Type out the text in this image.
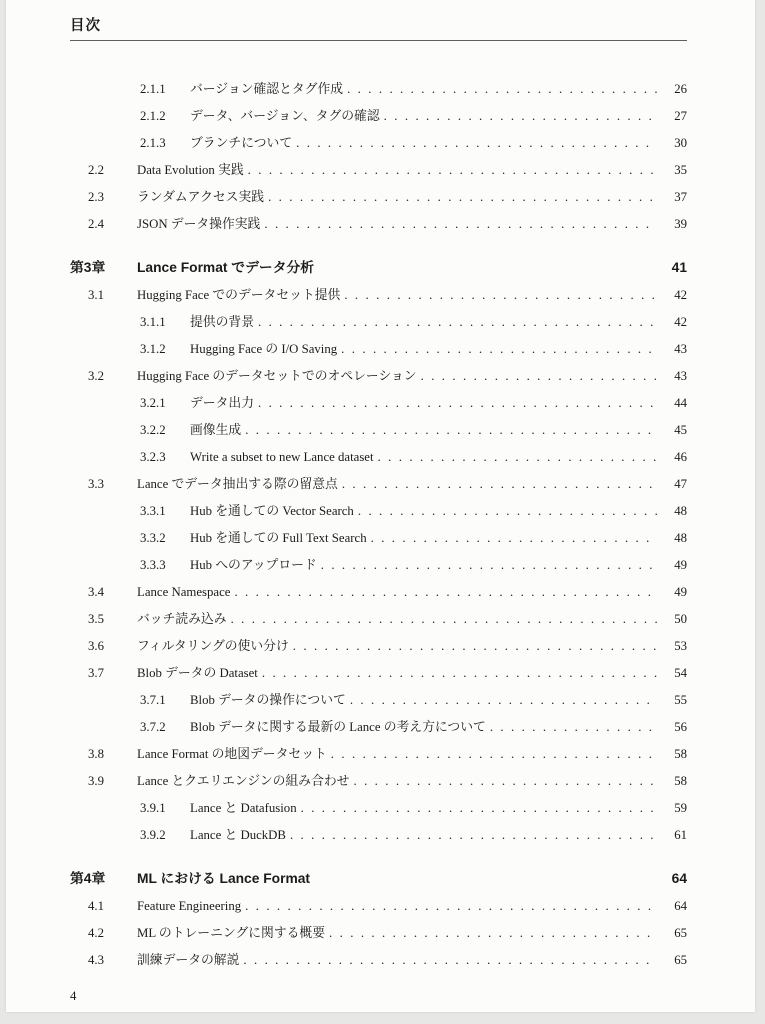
目次
2.1.1	バージョン確認とタグ作成 . . .	26
2.1.2	データ、バージョン、タグの確認 . . .	27
2.1.3	ブランチについて . . .	30
2.2	Data Evolution 実践 . . .	35
2.3	ランダムアクセス実践 . . .	37
2.4	JSON データ操作実践 . . .	39
第3章	Lance Format でデータ分析	41
3.1	Hugging Face でのデータセット提供 . . .	42
3.1.1	提供の背景 . . .	42
3.1.2	Hugging Face の I/O Saving . . .	43
3.2	Hugging Face のデータセットでのオペレーション . . .	43
3.2.1	データ出力 . . .	44
3.2.2	画像生成 . . .	45
3.2.3	Write a subset to new Lance dataset . . .	46
3.3	Lance でデータ抽出する際の留意点 . . .	47
3.3.1	Hub を通しての Vector Search . . .	48
3.3.2	Hub を通しての Full Text Search . . .	48
3.3.3	Hub へのアップロード . . .	49
3.4	Lance Namespace . . .	49
3.5	バッチ読み込み . . .	50
3.6	フィルタリングの使い分け . . .	53
3.7	Blob データの Dataset . . .	54
3.7.1	Blob データの操作について . . .	55
3.7.2	Blob データに関する最新の Lance の考え方について . . .	56
3.8	Lance Format の地図データセット . . .	58
3.9	Lance とクエリエンジンの組み合わせ . . .	58
3.9.1	Lance と Datafusion . . .	59
3.9.2	Lance と DuckDB . . .	61
第4章	ML における Lance Format	64
4.1	Feature Engineering . . .	64
4.2	ML のトレーニングに関する概要 . . .	65
4.3	訓練データの解説 . . .	65
4
